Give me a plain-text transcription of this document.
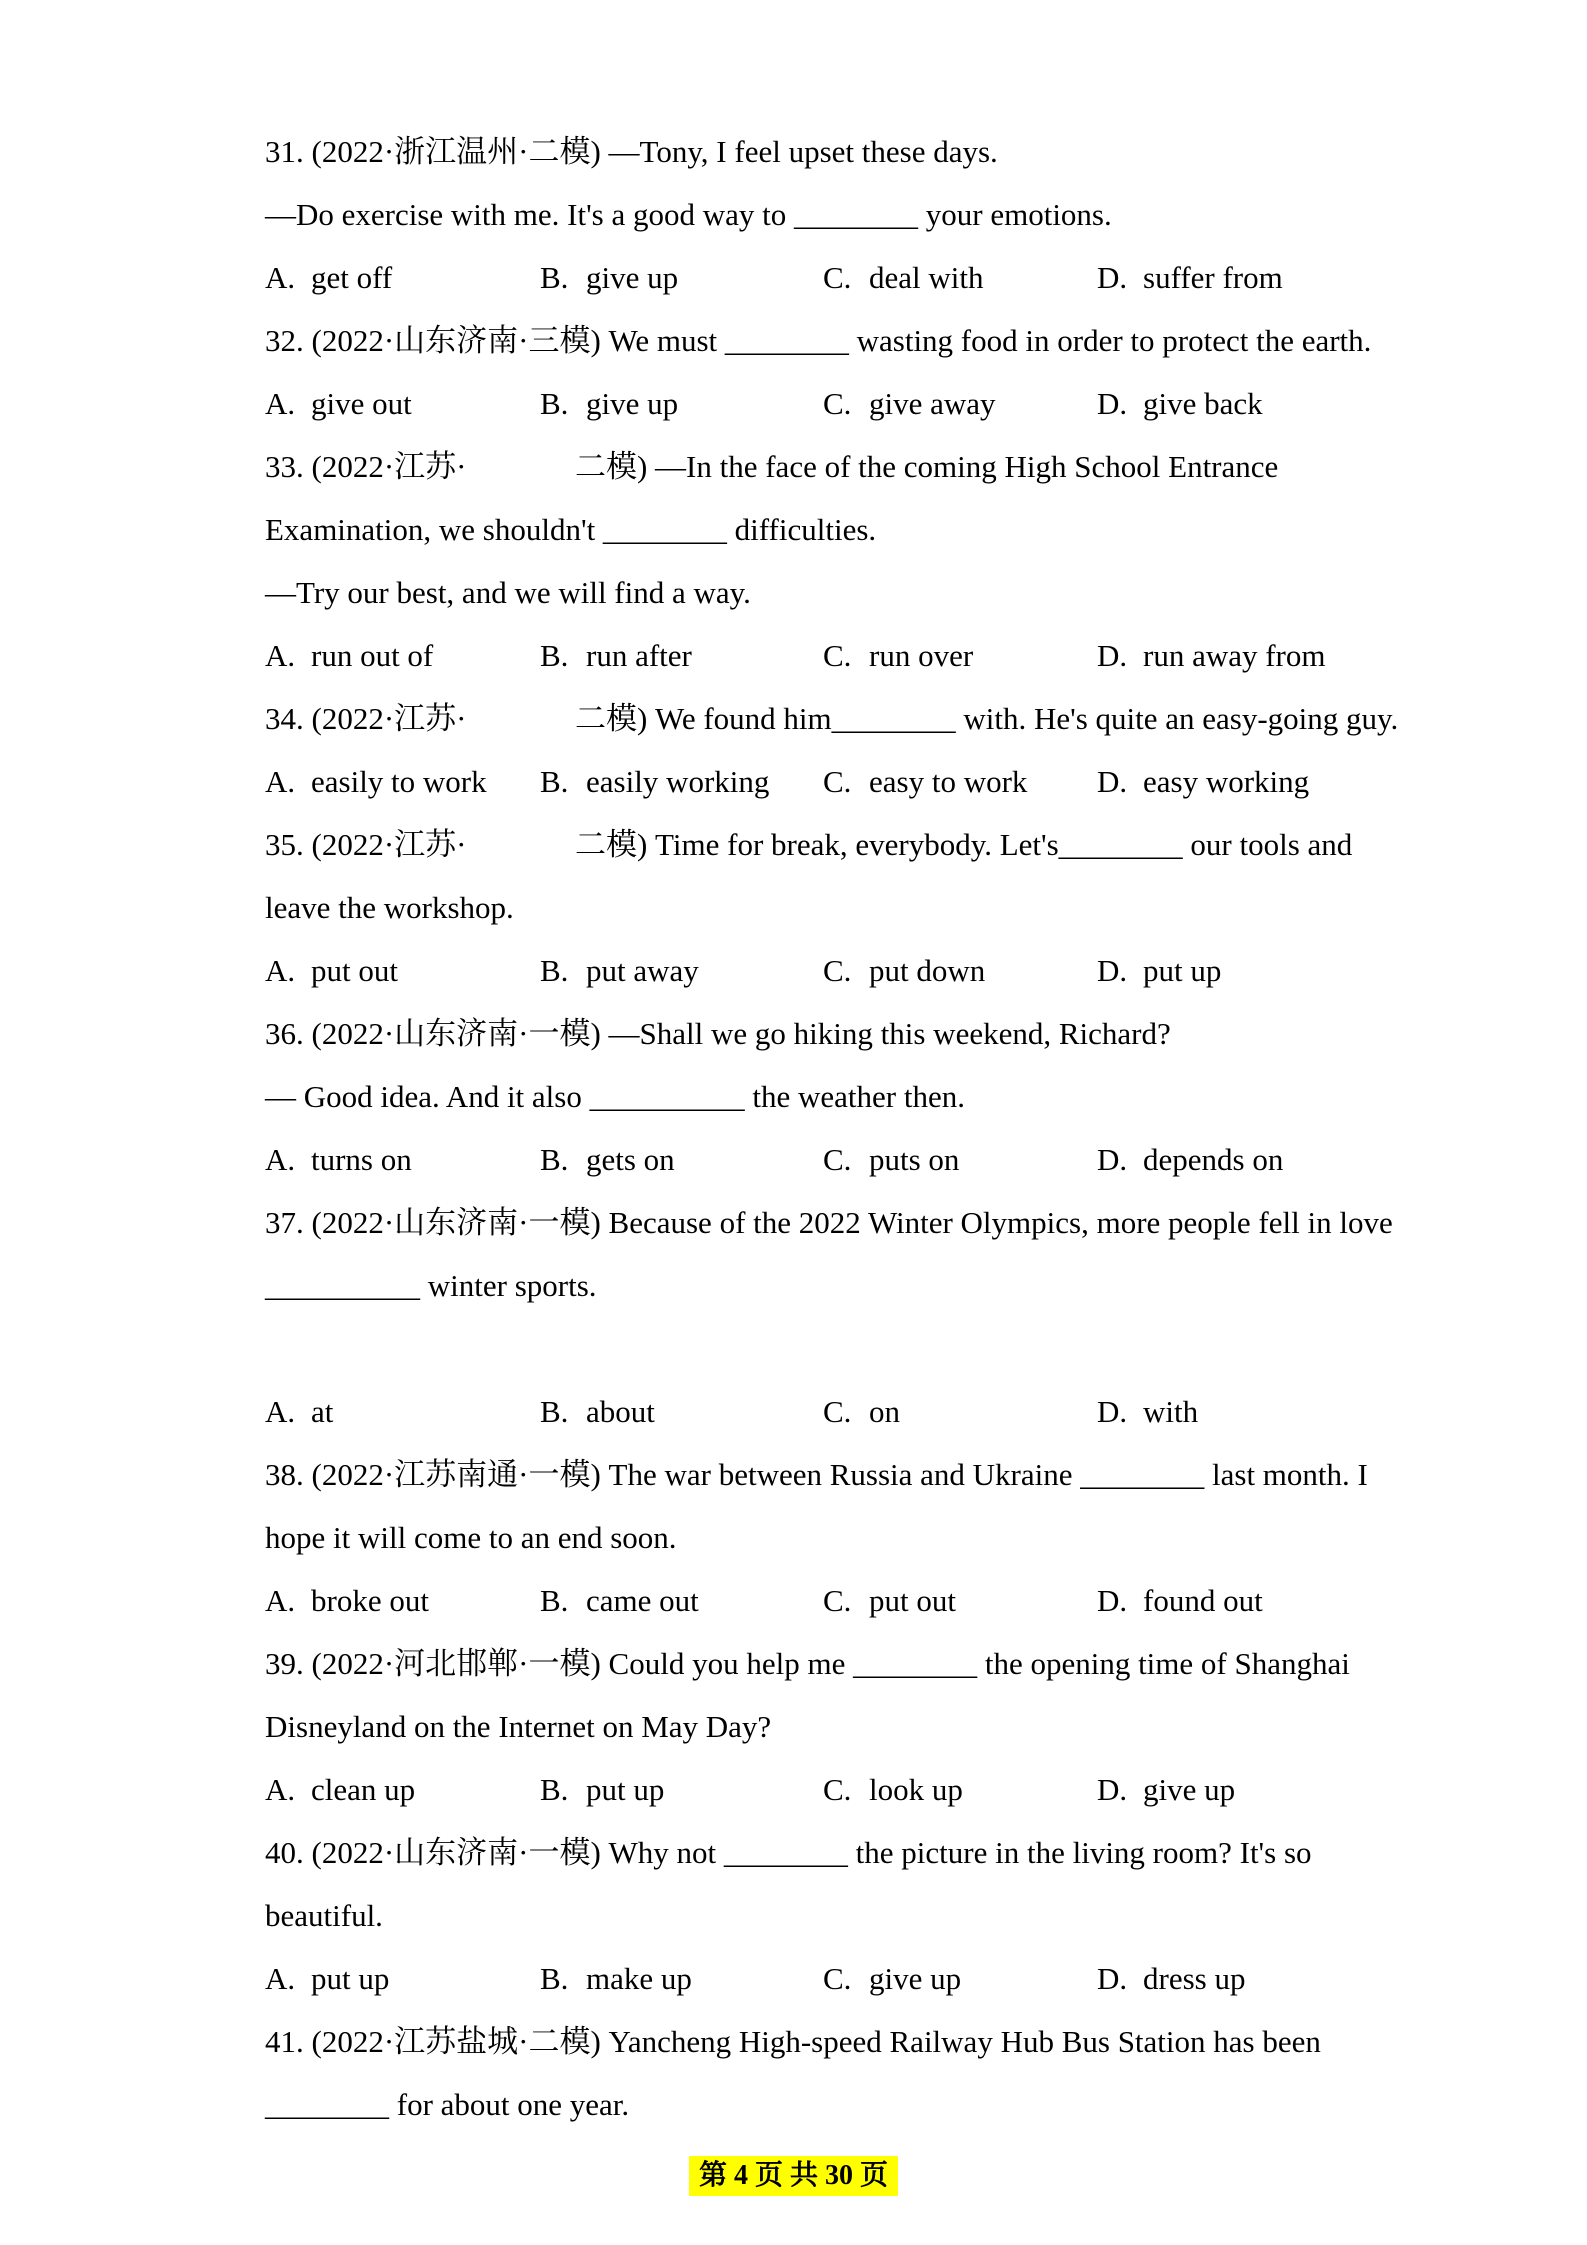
31. (2022·浙江温州·二模) —Tony, I feel upset these days.
—Do exercise with me. It's a good way to ________ your emotions.
A. get off	B. give up	C. deal with	D. suffer from
32. (2022·山东济南·三模) We must ________ wasting food in order to protect the earth.
A. give out	B. give up	C. give away	D. give back
33. (2022·江苏·              二模) —In the face of the coming High School Entrance
Examination, we shouldn't ________ difficulties.
—Try our best, and we will find a way.
A. run out of	B. run after	C. run over	D. run away from
34. (2022·江苏·              二模) We found him________ with. He's quite an easy-going guy.
A. easily to work B. easily working C. easy to work D. easy working
35. (2022·江苏·              二模) Time for break, everybody. Let's________ our tools and
leave the workshop.
A. put out	B. put away	C. put down	D. put up
36. (2022·山东济南·一模) —Shall we go hiking this weekend, Richard?
— Good idea. And it also __________ the weather then.
A. turns on	B. gets on	C. puts on	D. depends on
37. (2022·山东济南·一模) Because of the 2022 Winter Olympics, more people fell in love
__________ winter sports.
A. at	B. about	C. on	D. with
38. (2022·江苏南通·一模) The war between Russia and Ukraine ________ last month. I
hope it will come to an end soon.
A. broke out	B. came out	C. put out	D. found out
39. (2022·河北邯郸·一模) Could you help me ________ the opening time of Shanghai
Disneyland on the Internet on May Day?
A. clean up	B. put up	C. look up	D. give up
40. (2022·山东济南·一模) Why not ________ the picture in the living room? It's so
beautiful.
A. put up	B. make up	C. give up	D. dress up
41. (2022·江苏盐城·二模) Yancheng High-speed Railway Hub Bus Station has been
________ for about one year.
第 4 页 共 30 页
